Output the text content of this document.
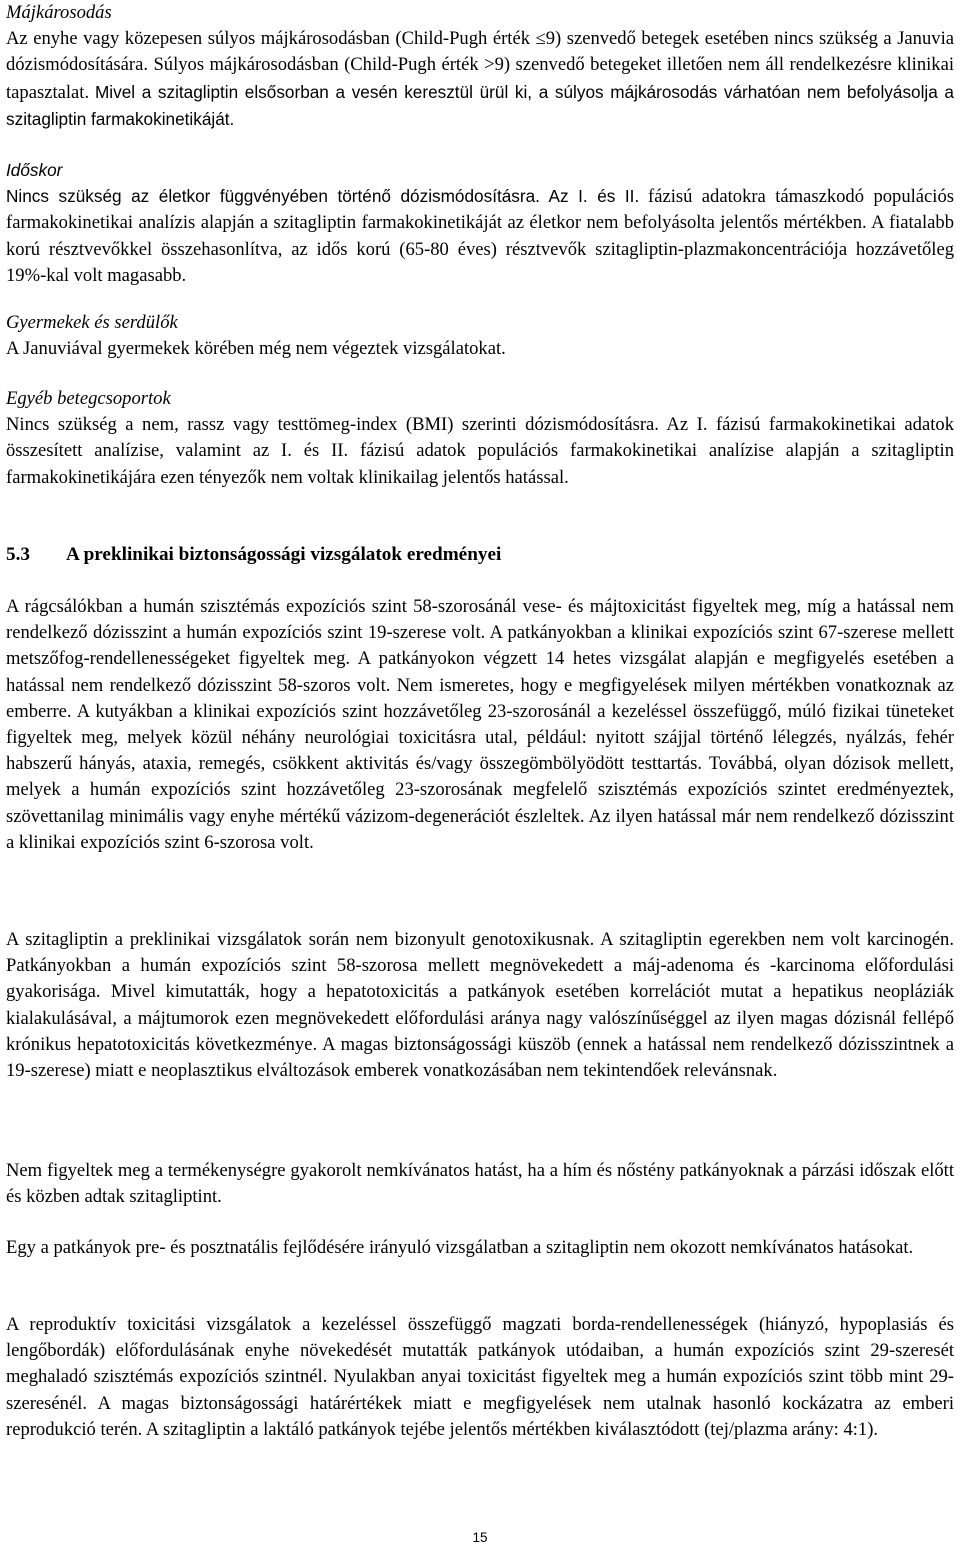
Májkárosodás

Az enyhe vagy közepesen súlyos májkárosodásban (Child-Pugh érték ≤9) szenvedő betegek esetében nincs szükség a Januvia dózismódosítására. Súlyos májkárosodásban (Child-Pugh érték >9) szenvedő betegeket illetően nem áll rendelkezésre klinikai tapasztalat. Mivel a szitagliptin elsősorban a vesén keresztül ürül ki, a súlyos májkárosodás várhatóan nem befolyásolja a szitagliptin farmakokinetikáját.

Időskor

Nincs szükség az életkor függvényében történő dózismódosításra. Az I. és II. fázisú adatokra támaszkodó populációs farmakokinetikai analízis alapján a szitagliptin farmakokinetikáját az életkor nem befolyásolta jelentős mértékben. A fiatalabb korú résztvevőkkel összehasonlítva, az idős korú (65-80 éves) résztvevők szitagliptin-plazmakoncentrációja hozzávetőleg 19%-kal volt magasabb.

Gyermekek és serdülők

A Januviával gyermekek körében még nem végeztek vizsgálatokat.

Egyéb betegcsoportok

Nincs szükség a nem, rassz vagy testtömeg-index (BMI) szerinti dózismódosításra. Az I. fázisú farmakokinetikai adatok összesített analízise, valamint az I. és II. fázisú adatok populációs farmakokinetikai analízise alapján a szitagliptin farmakokinetikájára ezen tényezők nem voltak klinikailag jelentős hatással.

5.3 A preklinikai biztonságossági vizsgálatok eredményei

A rágcsálókban a humán szisztémás expozíciós szint 58-szorosánál vese- és májtoxicitást figyeltek meg, míg a hatással nem rendelkező dózisszint a humán expozíciós szint 19-szerese volt. A patkányokban a klinikai expozíciós szint 67-szerese mellett metszőfog-rendellenességeket figyeltek meg. A patkányokon végzett 14 hetes vizsgálat alapján e megfigyelés esetében a hatással nem rendelkező dózisszint 58-szoros volt. Nem ismeretes, hogy e megfigyelések milyen mértékben vonatkoznak az emberre. A kutyákban a klinikai expozíciós szint hozzávetőleg 23-szorosánál a kezeléssel összefüggő, múló fizikai tüneteket figyeltek meg, melyek közül néhány neurológiai toxicitásra utal, például: nyitott szájjal történő lélegzés, nyálzás, fehér habszerű hányás, ataxia, remegés, csökkent aktivitás és/vagy összegömbölyödött testtartás. Továbbá, olyan dózisok mellett, melyek a humán expozíciós szint hozzávetőleg 23-szorosának megfelelő szisztémás expozíciós szintet eredményeztek, szövettanilag minimális vagy enyhe mértékű vázizom-degenerációt észleltek. Az ilyen hatással már nem rendelkező dózisszint a klinikai expozíciós szint 6-szorosa volt.

A szitagliptin a preklinikai vizsgálatok során nem bizonyult genotoxikusnak. A szitagliptin egerekben nem volt karcinogén. Patkányokban a humán expozíciós szint 58-szorosa mellett megnövekedett a máj-adenoma és -karcinoma előfordulási gyakorisága. Mivel kimutatták, hogy a hepatotoxicitás a patkányok esetében korrelációt mutat a hepatikus neopláziák kialakulásával, a májtumorok ezen megnövekedett előfordulási aránya nagy valószínűséggel az ilyen magas dózisnál fellépő krónikus hepatotoxicitás következménye. A magas biztonságossági küszöb (ennek a hatással nem rendelkező dózisszintnek a 19-szerese) miatt e neoplasztikus elváltozások emberek vonatkozásában nem tekintendőek relevánsnak.

Nem figyeltek meg a termékenységre gyakorolt nemkívánatos hatást, ha a hím és nőstény patkányoknak a párzási időszak előtt és közben adtak szitagliptint.

Egy a patkányok pre- és posztnatális fejlődésére irányuló vizsgálatban a szitagliptin nem okozott nemkívánatos hatásokat.

A reproduktív toxicitási vizsgálatok a kezeléssel összefüggő magzati borda-rendellenességek (hiányzó, hypoplasiás és lengőbordák) előfordulásának enyhe növekedését mutatták patkányok utódaiban, a humán expozíciós szint 29-szeresét meghaladó szisztémás expozíciós szintnél. Nyulakban anyai toxicitást figyeltek meg a humán expozíciós szint több mint 29-szeresénél. A magas biztonságossági határértékek miatt e megfigyelések nem utalnak hasonló kockázatra az emberi reprodukció terén. A szitagliptin a laktáló patkányok tejébe jelentős mértékben kiválasztódott (tej/plazma arány: 4:1).

15
